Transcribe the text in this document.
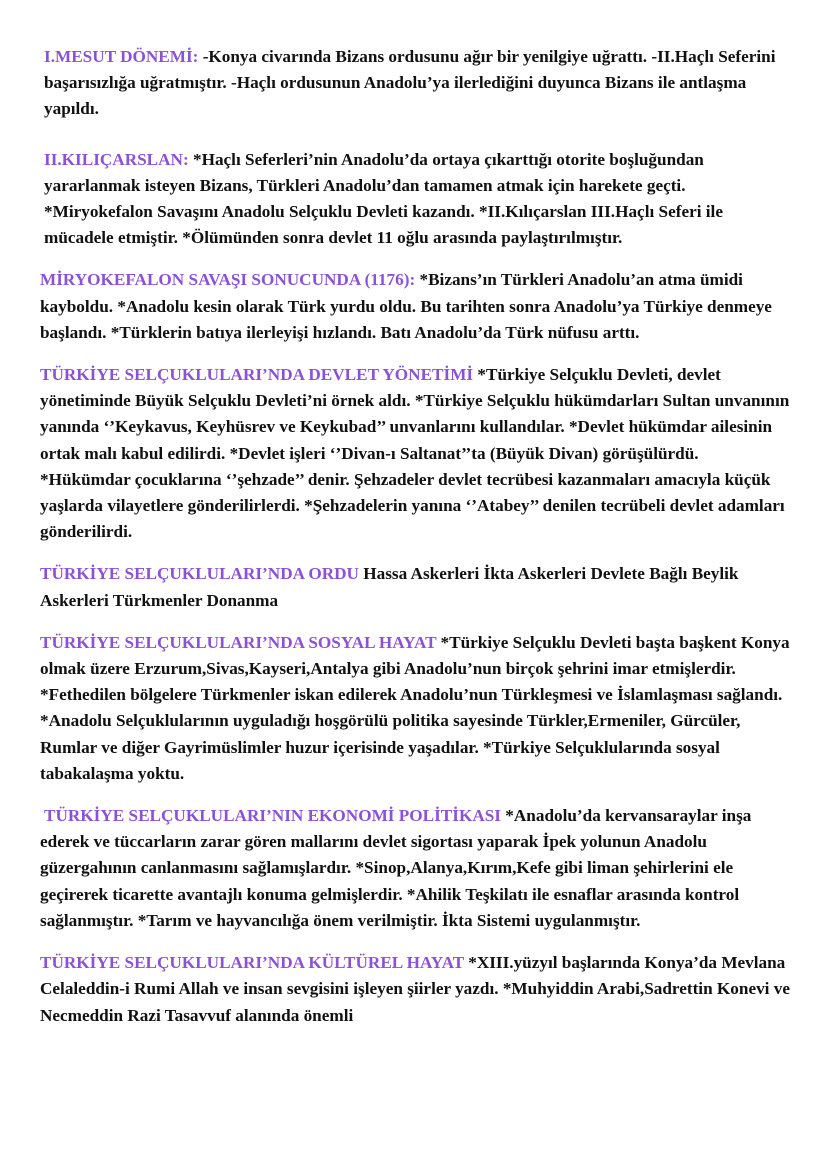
I.MESUT DÖNEMİ: -Konya civarında Bizans ordusunu ağır bir yenilgiye uğrattı. -II.Haçlı Seferini başarısızlığa uğratmıştır. -Haçlı ordusunun Anadolu’ya ilerlediğini duyunca Bizans ile antlaşma yapıldı.

II.KILIÇARSLAN: *Haçlı Seferleri’nin Anadolu’da ortaya çıkarttığı otorite boşluğundan yararlanmak isteyen Bizans, Türkleri Anadolu’dan tamamen atmak için harekete geçti. *Miryokefalon Savaşını Anadolu Selçuklu Devleti kazandı. *II.Kılıçarslan III.Haçlı Seferi ile mücadele etmiştir. *Ölümünden sonra devlet 11 oğlu arasında paylaştırılmıştır.

MİRYOKEFALON SAVAŞI SONUCUNDA (1176): *Bizans’ın Türkleri Anadolu’an atma ümidi kayboldu. *Anadolu kesin olarak Türk yurdu oldu. Bu tarihten sonra Anadolu’ya Türkiye denmeye başlandı. *Türklerin batıya ilerleyişi hızlandı. Batı Anadolu’da Türk nüfusu arttı.

TÜRKİYE SELÇUKLULARI’NDA DEVLET YÖNETİMİ *Türkiye Selçuklu Devleti, devlet yönetiminde Büyük Selçuklu Devleti’ni örnek aldı. *Türkiye Selçuklu hükümdarları Sultan unvanının yanında ‘’Keykavus, Keyhüsrev ve Keykubad’’ unvanlarını kullandılar. *Devlet hükümdar ailesinin ortak malı kabul edilirdi. *Devlet işleri ‘’Divan-ı Saltanat’’ta (Büyük Divan) görüşülürdü. *Hükümdar çocuklarına ‘’şehzade’’ denir. Şehzadeler devlet tecrübesi kazanmaları amacıyla küçük yaşlarda vilayetlere gönderilirlerdi. *Şehzadelerin yanına ‘’Atabey’’ denilen tecrübeli devlet adamları gönderilirdi.

TÜRKİYE SELÇUKLULARI’NDA ORDU Hassa Askerleri İkta Askerleri Devlete Bağlı Beylik Askerleri Türkmenler Donanma

TÜRKİYE SELÇUKLULARI’NDA SOSYAL HAYAT *Türkiye Selçuklu Devleti başta başkent Konya olmak üzere Erzurum,Sivas,Kayseri,Antalya gibi Anadolu’nun birçok şehrini imar etmişlerdir. *Fethedilen bölgelere Türkmenler iskan edilerek Anadolu’nun Türkleşmesi ve İslamlaşması sağlandı. *Anadolu Selçuklularının uyguladığı hoşgörülü politika sayesinde Türkler,Ermeniler, Gürcüler, Rumlar ve diğer Gayrimüslimler huzur içerisinde yaşadılar. *Türkiye Selçuklularında sosyal tabakalaşma yoktu.

TÜRKİYE SELÇUKLULARI’NIN EKONOMİ POLİTİKASI *Anadolu’da kervansaraylar inşa ederek ve tüccarların zarar gören mallarını devlet sigortası yaparak İpek yolunun Anadolu güzergahının canlanmasını sağlamışlardır. *Sinop,Alanya,Kırım,Kefe gibi liman şehirlerini ele geçirerek ticarette avantajlı konuma gelmişlerdir. *Ahilik Teşkilatı ile esnaflar arasında kontrol sağlanmıştır. *Tarım ve hayvancılığa önem verilmiştir. İkta Sistemi uygulanmıştır.

TÜRKİYE SELÇUKLULARI’NDA KÜLTÜREL HAYAT *XIII.yüzyıl başlarında Konya’da Mevlana Celaleddin-i Rumi Allah ve insan sevgisini işleyen şiirler yazdı. *Muhyiddin Arabi,Sadrettin Konevi ve Necmeddin Razi Tasavvuf alanında önemli
